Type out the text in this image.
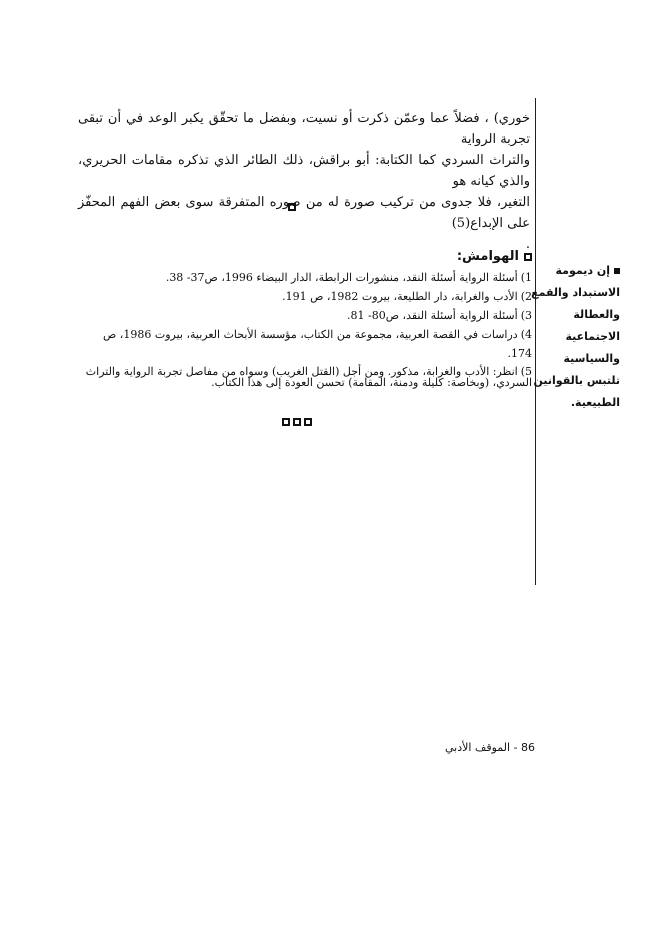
خوري) ، فضلاً عما وعمّن ذكرت أو نسيت، وبفضل ما تحقّق يكبر الوعد في أن تبقى تجربة الرواية
والتراث السردي كما الكتابة: أبو براقش، ذلك الطائر الذي تذكره مقامات الحريري، والذي كيانه هو
التغير، فلا جدوى من تركيب صورة له من صوره المتفرقة سوى بعض الفهم المحفّز على الإبداع(5)
.
الهوامش:
1)أسئلة الرواية أسئلة النقد، منشورات الرابطة، الدار البيضاء 1996، ص37- 38.
2)الأدب والغرابة، دار الطليعة، بيروت 1982، ص 191.
3)أسئلة الرواية أسئلة النقد، ص80- 81.
4)دراسات في القصة العربية، مجموعة من الكتاب، مؤسسة الأبحاث العربية، بيروت 1986، ص 174.
5)انظر: الأدب والغرابة، مذكور. ومن أجل (القتل الغريب) وسواه من مفاصل تجربة الرواية والتراث السردي، (وبخاصة: كليلة ودمنة، المقامة) تحسن العودة إلى هذا الكتاب.
إن ديمومة
الاستبداد والقمع
والعطالة
الاجتماعية
والسياسية
تلتبس بالقوانين
الطبيعية.
86 - الموقف الأدبي
